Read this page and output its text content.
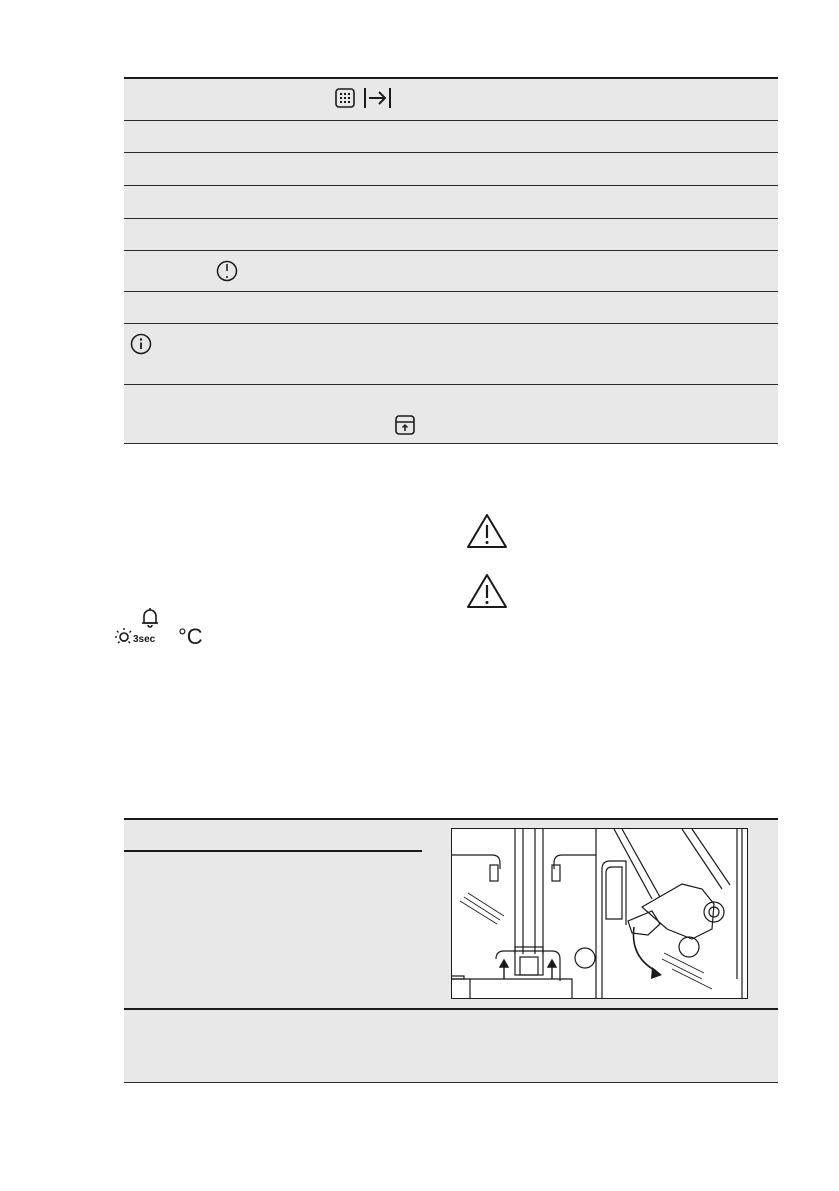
3sec °C
